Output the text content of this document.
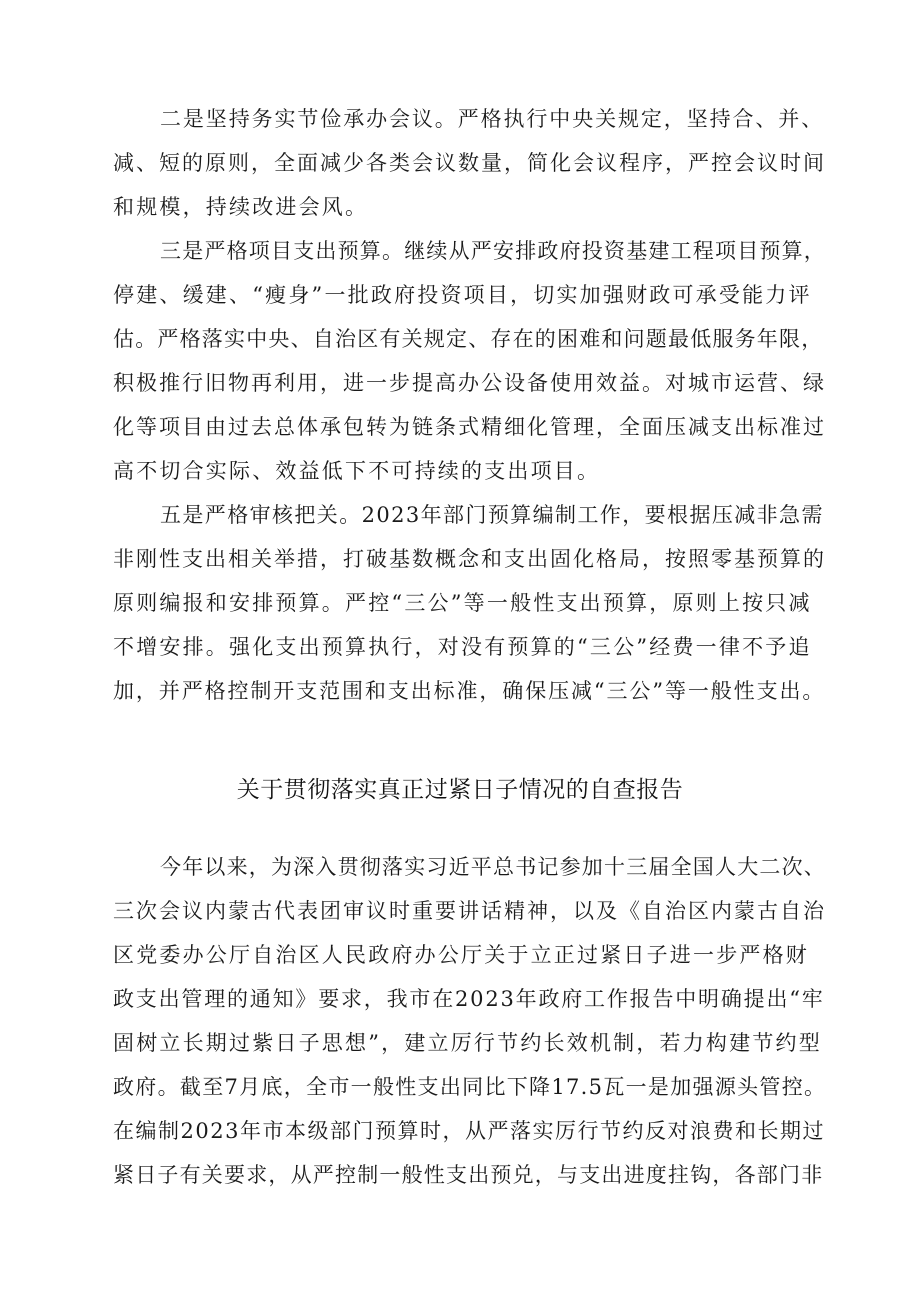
二是坚持务实节俭承办会议。严格执行中央关规定，坚持合、并、
减、短的原则，全面减少各类会议数量，简化会议程序，严控会议时间
和规模，持续改进会风。
三是严格项目支出预算。继续从严安排政府投资基建工程项目预算，
停建、缓建、“瘦身”一批政府投资项目，切实加强财政可承受能力评
估。严格落实中央、自治区有关规定、存在的困难和问题最低服务年限，
积极推行旧物再利用，进一步提高办公设备使用效益。对城市运营、绿
化等项目由过去总体承包转为链条式精细化管理，全面压减支出标准过
高不切合实际、效益低下不可持续的支出项目。
五是严格审核把关。2023年部门预算编制工作，要根据压减非急需
非刚性支出相关举措，打破基数概念和支出固化格局，按照零基预算的
原则编报和安排预算。严控“三公”等一般性支出预算，原则上按只减
不增安排。强化支出预算执行，对没有预算的“三公”经费一律不予追
加，并严格控制开支范围和支出标准，确保压减“三公”等一般性支出。
关于贯彻落实真正过紧日子情况的自查报告
今年以来，为深入贯彻落实习近平总书记参加十三届全国人大二次、
三次会议内蒙古代表团审议时重要讲话精神，以及《自治区内蒙古自治
区党委办公厅自治区人民政府办公厅关于立正过紧日子进一步严格财
政支出管理的通知》要求，我市在2023年政府工作报告中明确提出“牢
固树立长期过紫日子思想”，建立厉行节约长效机制，若力构建节约型
政府。截至7月底，全市一般性支出同比下降17.5瓦一是加强源头管控。
在编制2023年市本级部门预算时，从严落实厉行节约反对浪费和长期过
紧日子有关要求，从严控制一般性支出预兑，与支出进度拄钩，各部门非
